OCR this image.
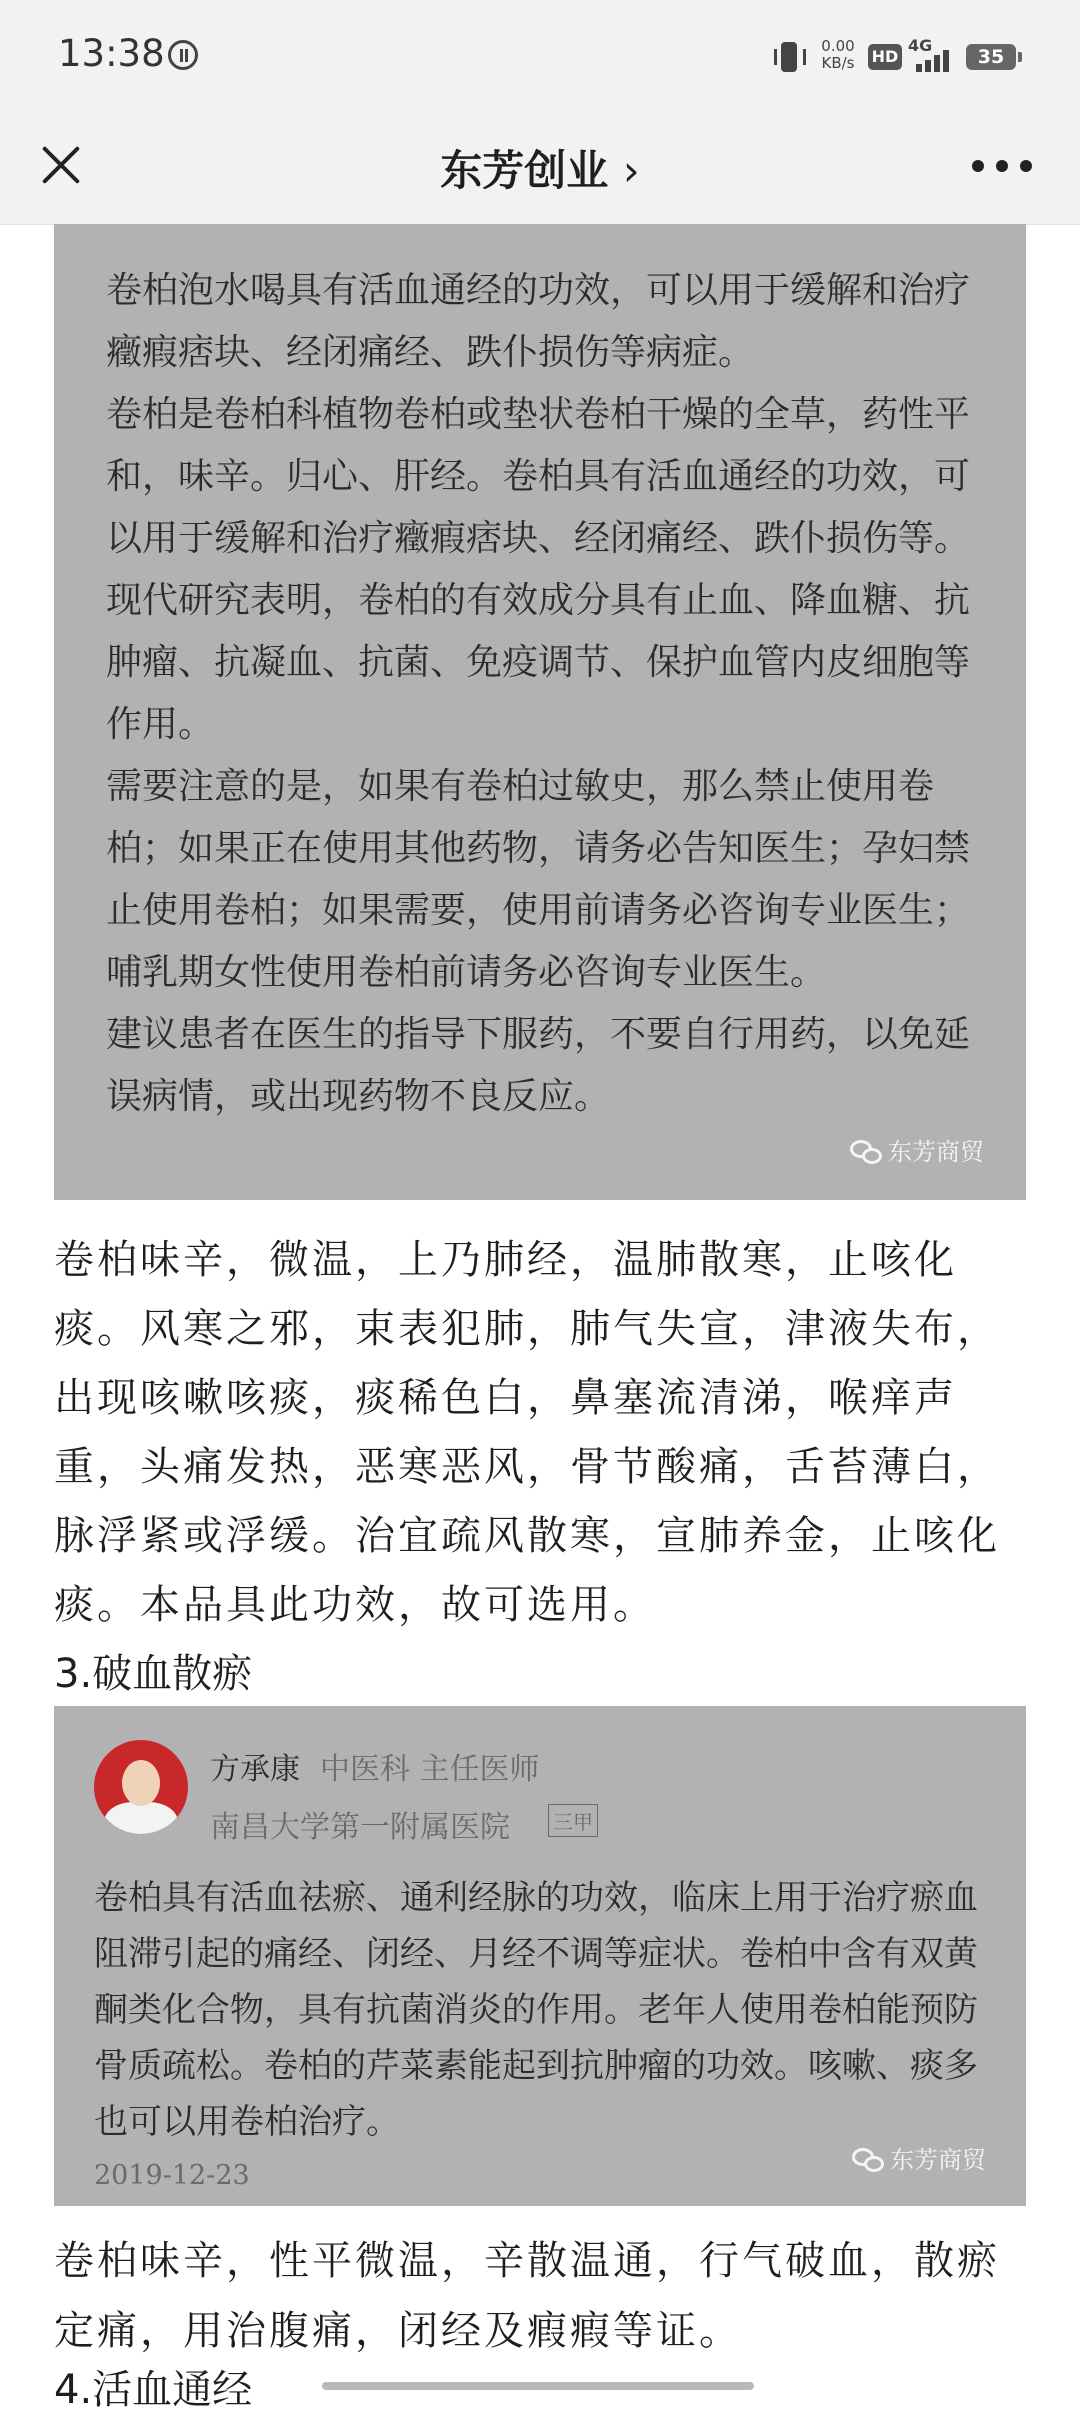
13:38	0.00
KB/s	HD
4G
35
东芳创业 ›

卷柏泡水喝具有活血通经的功效，可以用于缓解和治疗癥瘕痞块、经闭痛经、跌仆损伤等病症。

卷柏是卷柏科植物卷柏或垫状卷柏干燥的全草，药性平和，味辛。归心、肝经。卷柏具有活血通经的功效，可以用于缓解和治疗癥瘕痞块、经闭痛经、跌仆损伤等。现代研究表明，卷柏的有效成分具有止血、降血糖、抗肿瘤、抗凝血、抗菌、免疫调节、保护血管内皮细胞等作用。

需要注意的是，如果有卷柏过敏史，那么禁止使用卷柏；如果正在使用其他药物，请务必告知医生；孕妇禁止使用卷柏；如果需要，使用前请务必咨询专业医生；哺乳期女性使用卷柏前请务必咨询专业医生。

建议患者在医生的指导下服药，不要自行用药，以免延误病情，或出现药物不良反应。

东芳商贸
卷柏味辛，微温，上乃肺经，温肺散寒，止咳化痰。风寒之邪，束表犯肺，肺气失宣，津液失布，出现咳嗽咳痰，痰稀色白，鼻塞流清涕，喉痒声重，头痛发热，恶寒恶风，骨节酸痛，舌苔薄白，脉浮紧或浮缓。治宜疏风散寒，宣肺养金，止咳化痰。本品具此功效，故可选用。
3.破血散瘀
方承康 中医科 主任医师
南昌大学第一附属医院 三甲
卷柏具有活血祛瘀、通利经脉的功效，临床上用于治疗瘀血阻滞引起的痛经、闭经、月经不调等症状。卷柏中含有双黄酮类化合物，具有抗菌消炎的作用。老年人使用卷柏能预防骨质疏松。卷柏的芹菜素能起到抗肿瘤的功效。咳嗽、痰多也可以用卷柏治疗。
2019-12-23	东芳商贸
卷柏味辛，性平微温，辛散温通，行气破血，散瘀定痛，用治腹痛，闭经及瘕瘕等证。
4.活血通经
